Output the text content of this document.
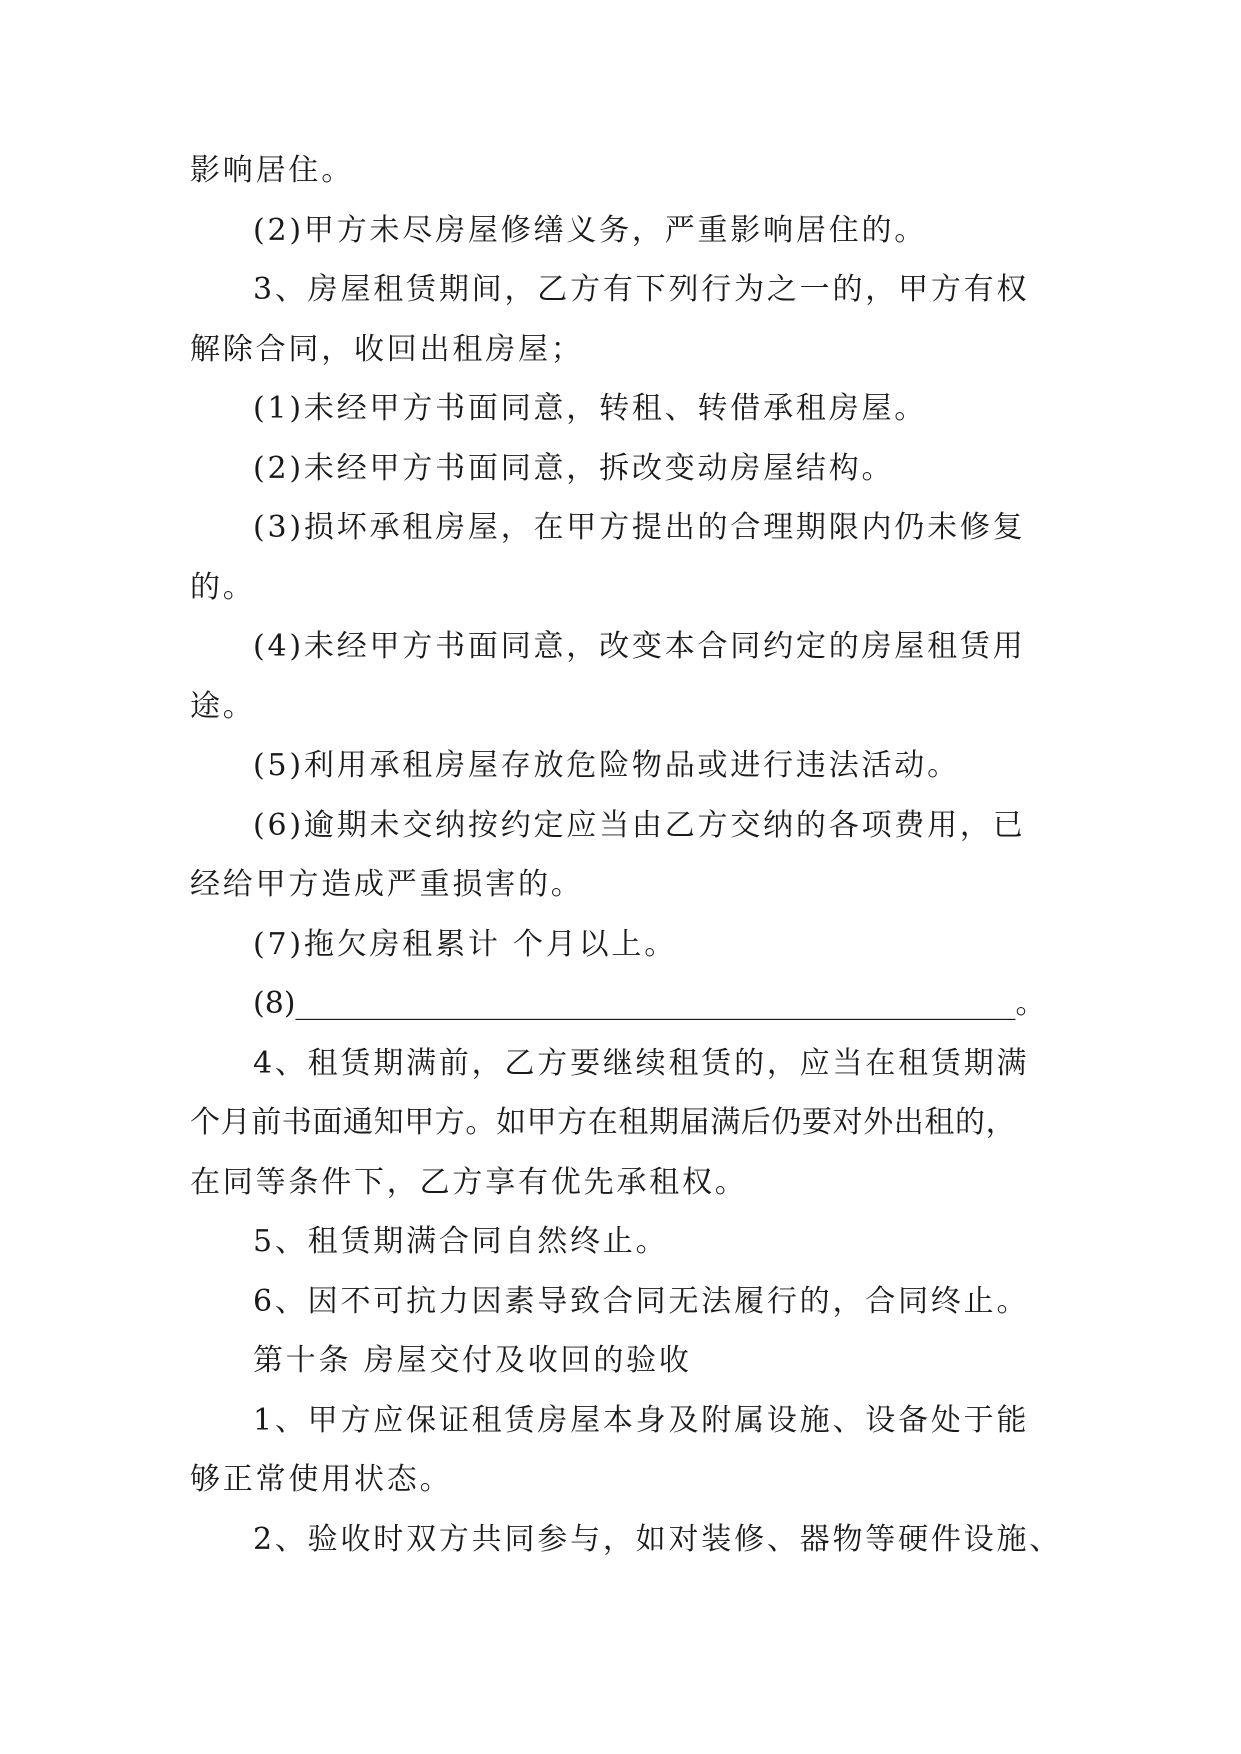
影响居住。
(2)甲方未尽房屋修缮义务，严重影响居住的。
3、房屋租赁期间，乙方有下列行为之一的，甲方有权
解除合同，收回出租房屋；
(1)未经甲方书面同意，转租、转借承租房屋。
(2)未经甲方书面同意，拆改变动房屋结构。
(3)损坏承租房屋，在甲方提出的合理期限内仍未修复
的。
(4)未经甲方书面同意，改变本合同约定的房屋租赁用
途。
(5)利用承租房屋存放危险物品或进行违法活动。
(6)逾期未交纳按约定应当由乙方交纳的各项费用，已
经给甲方造成严重损害的。
(7)拖欠房租累计 个月以上。
(8)________________________________________________。
4、租赁期满前，乙方要继续租赁的，应当在租赁期满
个月前书面通知甲方。如甲方在租期届满后仍要对外出租的，
在同等条件下，乙方享有优先承租权。
5、租赁期满合同自然终止。
6、因不可抗力因素导致合同无法履行的，合同终止。
第十条 房屋交付及收回的验收
1、甲方应保证租赁房屋本身及附属设施、设备处于能
够正常使用状态。
2、验收时双方共同参与，如对装修、器物等硬件设施、
